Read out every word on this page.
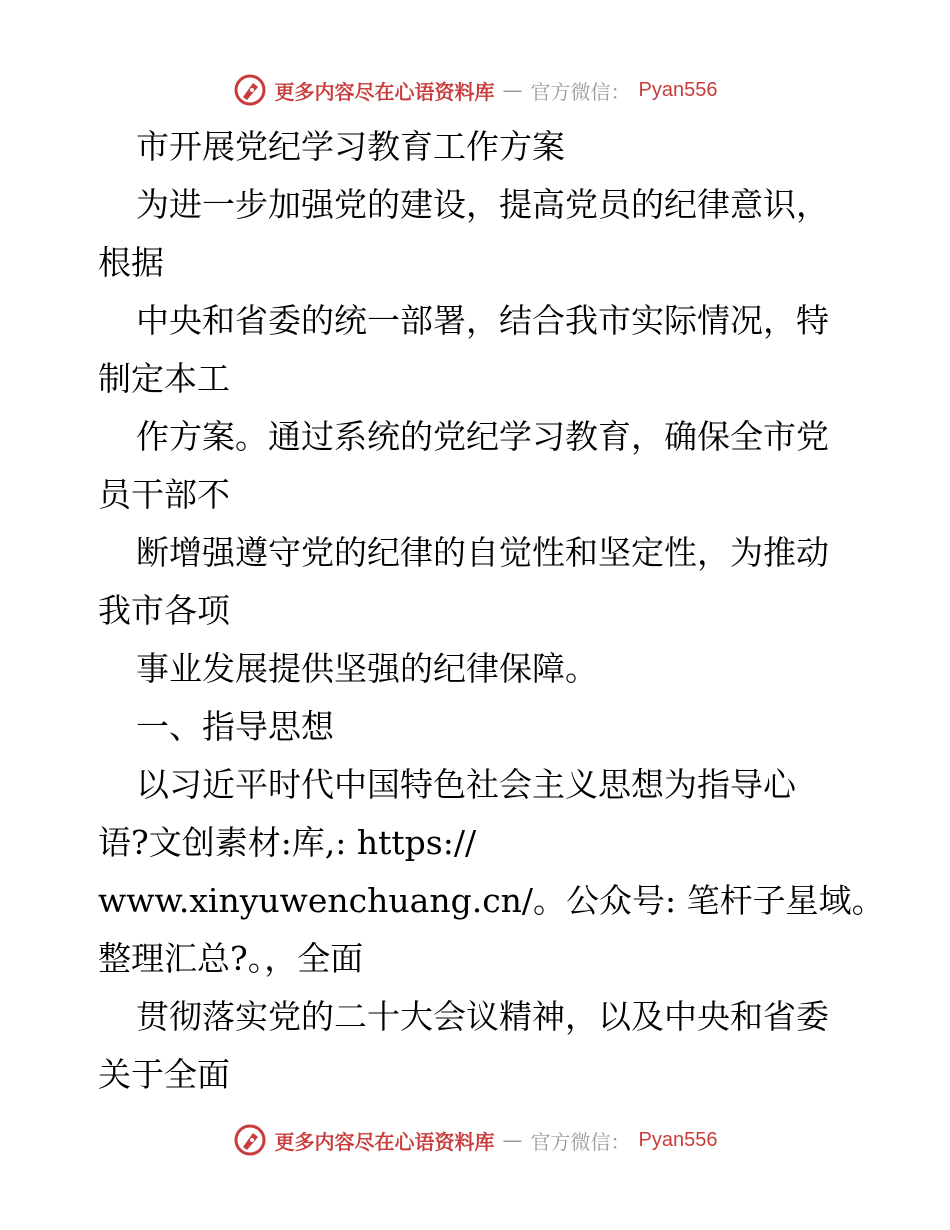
更多内容尽在心语资料库 — 官方微信： Pyan556
市开展党纪学习教育工作方案
为进一步加强党的建设，提高党员的纪律意识，
根据
中央和省委的统一部署，结合我市实际情况，特
制定本工
作方案。通过系统的党纪学习教育，确保全市党
员干部不
断增强遵守党的纪律的自觉性和坚定性，为推动
我市各项
事业发展提供坚强的纪律保障。
一、指导思想
以习近平时代中国特色社会主义思想为指导心
语?文创素材:库,: https://
www.xinyuwenchuang.cn/。公众号: 笔杆子星域。
整理汇总?。，全面
贯彻落实党的二十大会议精神，以及中央和省委
关于全面
更多内容尽在心语资料库 — 官方微信： Pyan556
